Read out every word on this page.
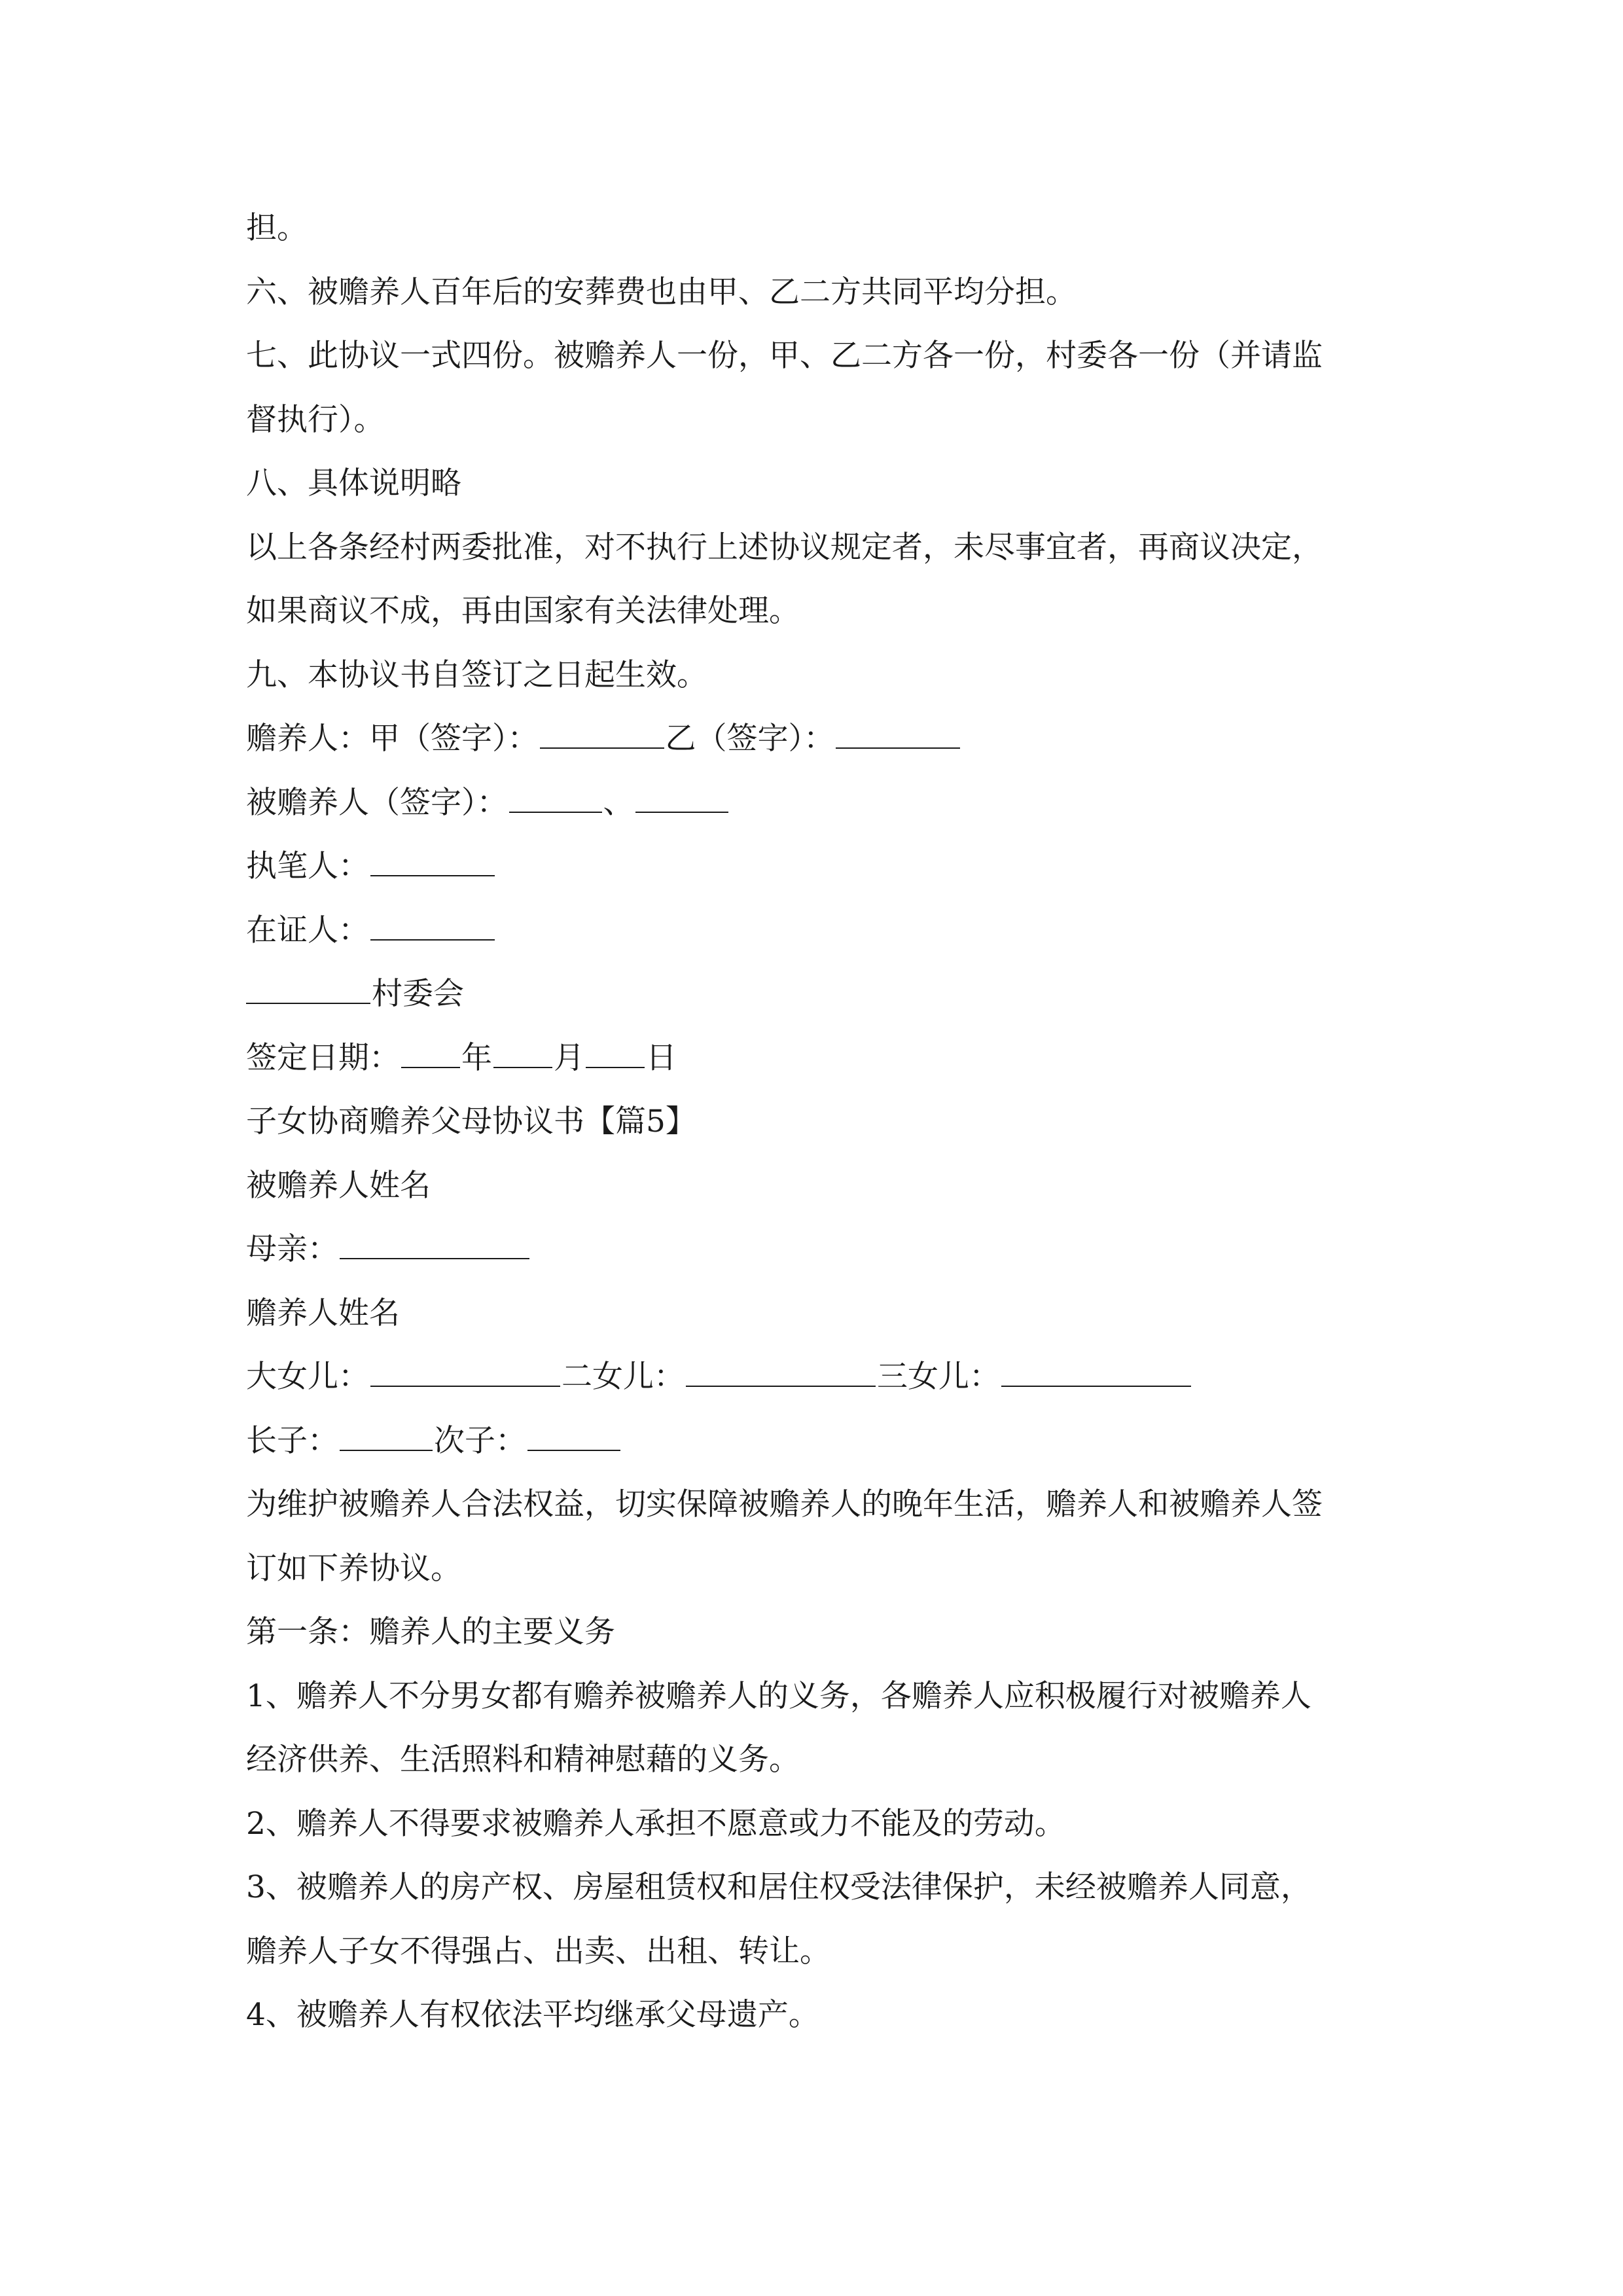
担。
六、被赡养人百年后的安葬费也由甲、乙二方共同平均分担。
七、此协议一式四份。被赡养人一份，甲、乙二方各一份，村委各一份（并请监
督执行）。
八、具体说明略
以上各条经村两委批准，对不执行上述协议规定者，未尽事宜者，再商议决定，
如果商议不成，再由国家有关法律处理。
九、本协议书自签订之日起生效。
赡养人：甲（签字）：	乙（签字）：
被赡养人（签字）：	、
执笔人：
在证人：
村委会
签定日期： 年 月 日
子女协商赡养父母协议书【篇5】
被赡养人姓名
母亲：
赡养人姓名
大女儿：	二女儿：	三女儿：
长子：	次子：
为维护被赡养人合法权益，切实保障被赡养人的晚年生活，赡养人和被赡养人签
订如下养协议。
第一条：赡养人的主要义务
1、赡养人不分男女都有赡养被赡养人的义务，各赡养人应积极履行对被赡养人
经济供养、生活照料和精神慰藉的义务。
2、赡养人不得要求被赡养人承担不愿意或力不能及的劳动。
3、被赡养人的房产权、房屋租赁权和居住权受法律保护，未经被赡养人同意，
赡养人子女不得强占、出卖、出租、转让。
4、被赡养人有权依法平均继承父母遗产。
